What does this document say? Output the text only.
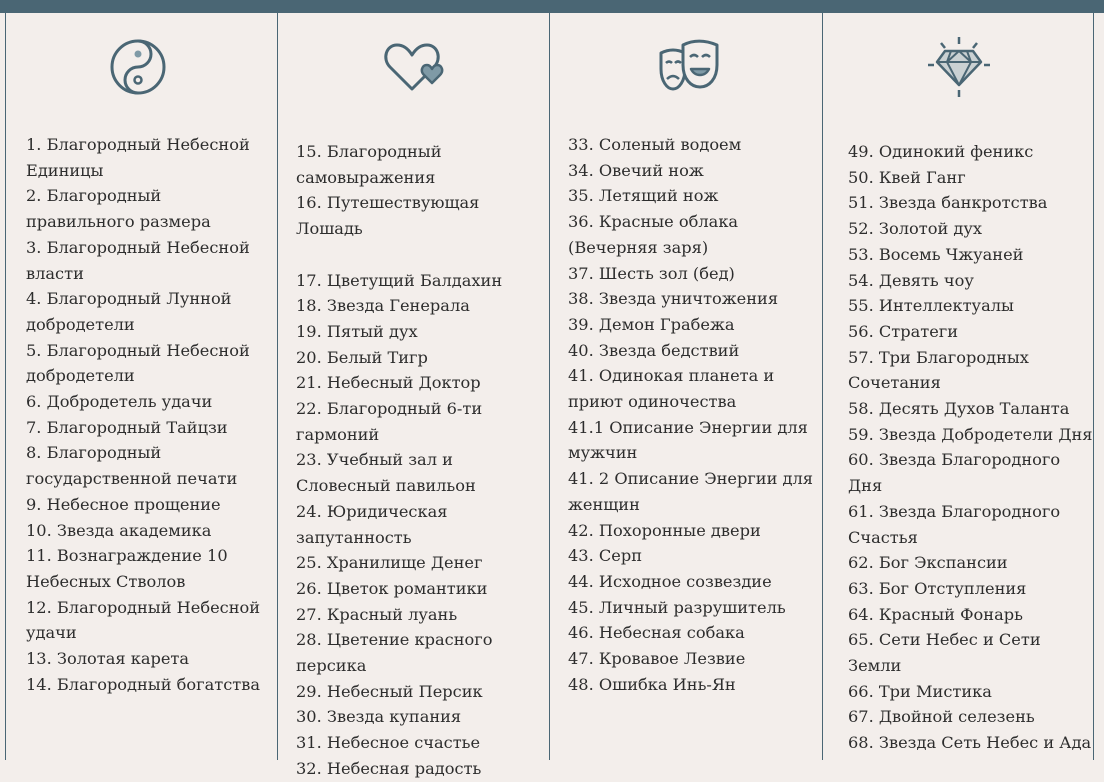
1. Благородный Небесной Единицы
2. Благородный правильного размера
3. Благородный Небесной власти
4. Благородный Лунной добродетели
5. Благородный Небесной добродетели
6. Добродетель удачи
7. Благородный Тайцзи
8. Благородный государственной печати
9. Небесное прощение
10. Звезда академика
11. Вознаграждение 10 Небесных Стволов
12. Благородный Небесной удачи
13. Золотая карета
14. Благородный богатства
15. Благородный самовыражения
16. Путешествующая Лошадь
17. Цветущий Балдахин
18. Звезда Генерала
19. Пятый дух
20. Белый Тигр
21. Небесный Доктор
22. Благородный 6-ти гармоний
23. Учебный зал и Словесный павильон
24. Юридическая запутанность
25. Хранилище Денег
26. Цветок романтики
27. Красный луань
28. Цветение красного персика
29. Небесный Персик
30. Звезда купания
31. Небесное счастье
32. Небесная радость
33. Соленый водоем
34. Овечий нож
35. Летящий нож
36. Красные облака (Вечерняя заря)
37. Шесть зол (бед)
38. Звезда уничтожения
39. Демон Грабежа
40. Звезда бедствий
41. Одинокая планета и приют одиночества
41.1 Описание Энергии для мужчин
41. 2 Описание Энергии для женщин
42. Похоронные двери
43. Серп
44. Исходное созвездие
45. Личный разрушитель
46. Небесная собака
47. Кровавое Лезвие
48. Ошибка Инь-Ян
49. Одинокий феникс
50. Квей Ганг
51. Звезда банкротства
52. Золотой дух
53. Восемь Чжуаней
54. Девять чоу
55. Интеллектуалы
56. Стратеги
57. Три Благородных Сочетания
58. Десять Духов Таланта
59. Звезда Добродетели Дня
60. Звезда Благородного Дня
61. Звезда Благородного Счастья
62. Бог Экспансии
63. Бог Отступления
64. Красный Фонарь
65. Сети Небес и Сети Земли
66. Три Мистика
67. Двойной селезень
68. Звезда Сеть Небес и Ада
